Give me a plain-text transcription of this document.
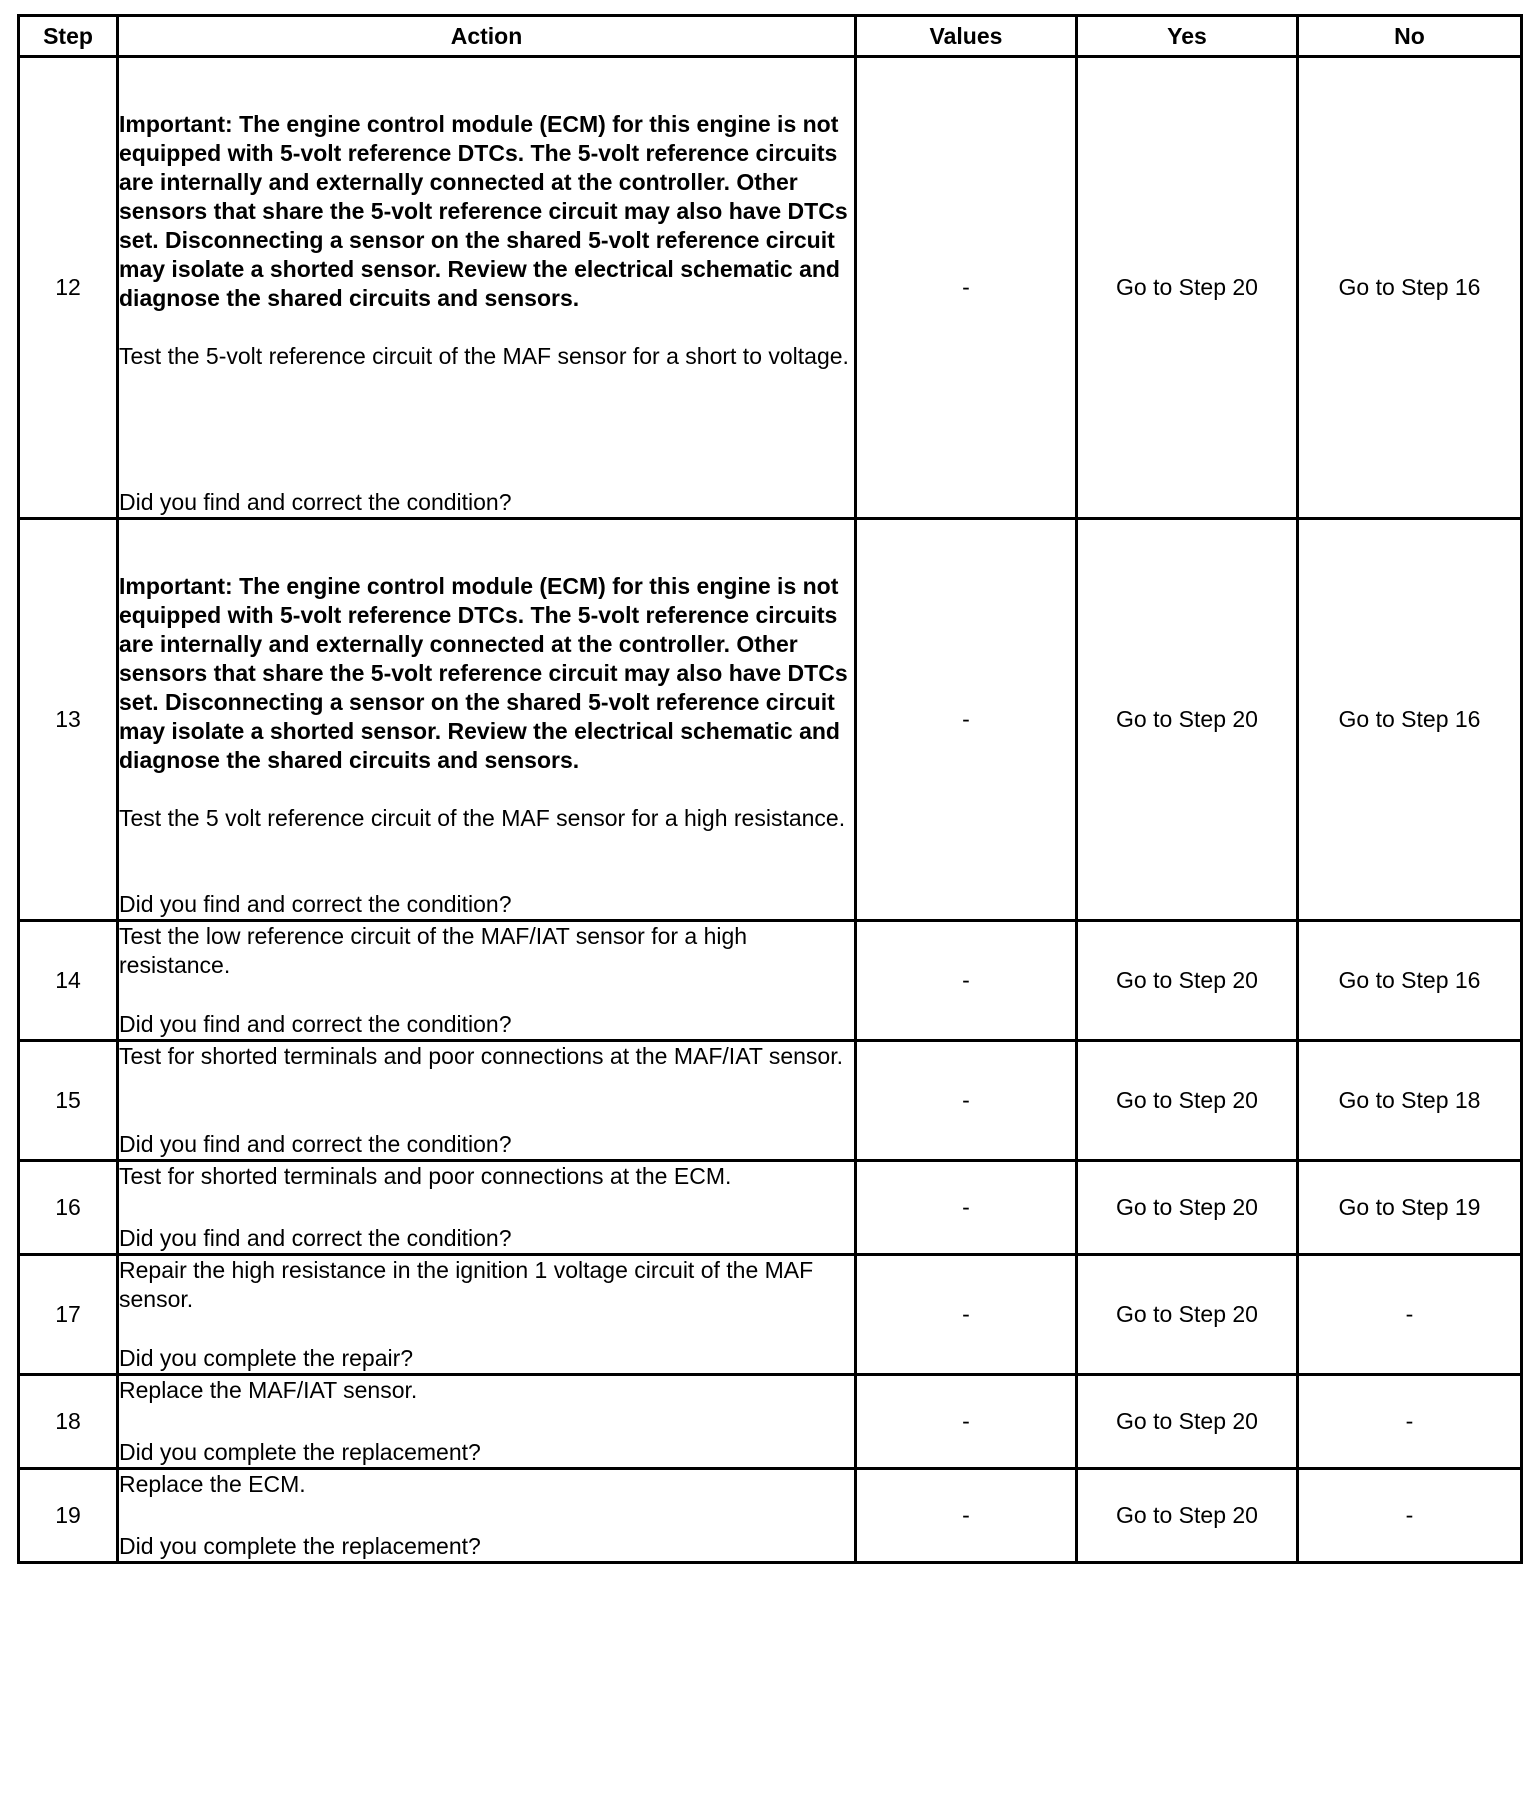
Step	Action	Values	Yes	No
12	Important: The engine control module (ECM) for this engine is not equipped with 5-volt reference DTCs. The 5-volt reference circuits are internally and externally connected at the controller. Other sensors that share the 5-volt reference circuit may also have DTCs set. Disconnecting a sensor on the shared 5-volt reference circuit may isolate a shorted sensor. Review the electrical schematic and diagnose the shared circuits and sensors.
Test the 5-volt reference circuit of the MAF sensor for a short to voltage.
Did you find and correct the condition?	-	Go to Step 20	Go to Step 16
13	Important: The engine control module (ECM) for this engine is not equipped with 5-volt reference DTCs. The 5-volt reference circuits are internally and externally connected at the controller. Other sensors that share the 5-volt reference circuit may also have DTCs set. Disconnecting a sensor on the shared 5-volt reference circuit may isolate a shorted sensor. Review the electrical schematic and diagnose the shared circuits and sensors.
Test the 5 volt reference circuit of the MAF sensor for a high resistance.
Did you find and correct the condition?	-	Go to Step 20	Go to Step 16
14	Test the low reference circuit of the MAF/IAT sensor for a high resistance.
Did you find and correct the condition?	-	Go to Step 20	Go to Step 16
15	Test for shorted terminals and poor connections at the MAF/IAT sensor.
Did you find and correct the condition?	-	Go to Step 20	Go to Step 18
16	Test for shorted terminals and poor connections at the ECM.
Did you find and correct the condition?	-	Go to Step 20	Go to Step 19
17	Repair the high resistance in the ignition 1 voltage circuit of the MAF sensor.
Did you complete the repair?	-	Go to Step 20	-
18	Replace the MAF/IAT sensor.
Did you complete the replacement?	-	Go to Step 20	-
19	Replace the ECM.
Did you complete the replacement?	-	Go to Step 20	-
